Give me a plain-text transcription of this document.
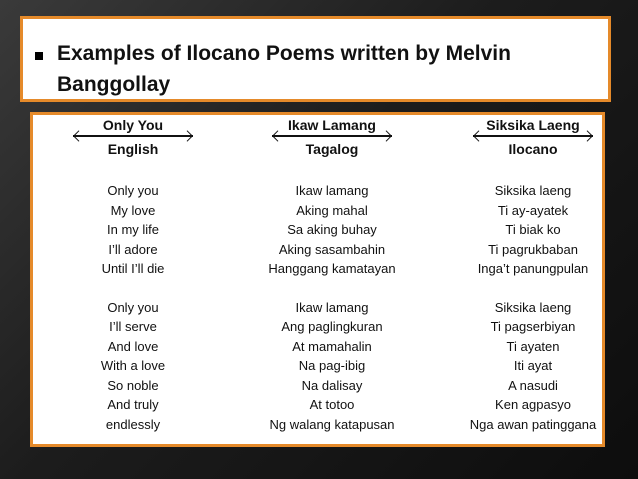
Examples of Ilocano Poems written by Melvin
Banggollay
Only You
English
Only you
My love
In my life
I’ll adore
Until I’ll die
Only you
I’ll serve
And love
With a love
So noble
And truly
endlessly
Ikaw Lamang
Tagalog
Ikaw lamang
Aking mahal
Sa aking buhay
Aking sasambahin
Hanggang kamatayan
Ikaw lamang
Ang paglingkuran
At mamahalin
Na pag-ibig
Na dalisay
At totoo
Ng walang katapusan
Siksika Laeng
Ilocano
Siksika laeng
Ti ay-ayatek
Ti biak ko
Ti pagrukbaban
Inga’t panungpulan
Siksika laeng
Ti pagserbiyan
Ti ayaten
Iti ayat
A nasudi
Ken agpasyo
Nga awan patinggana
